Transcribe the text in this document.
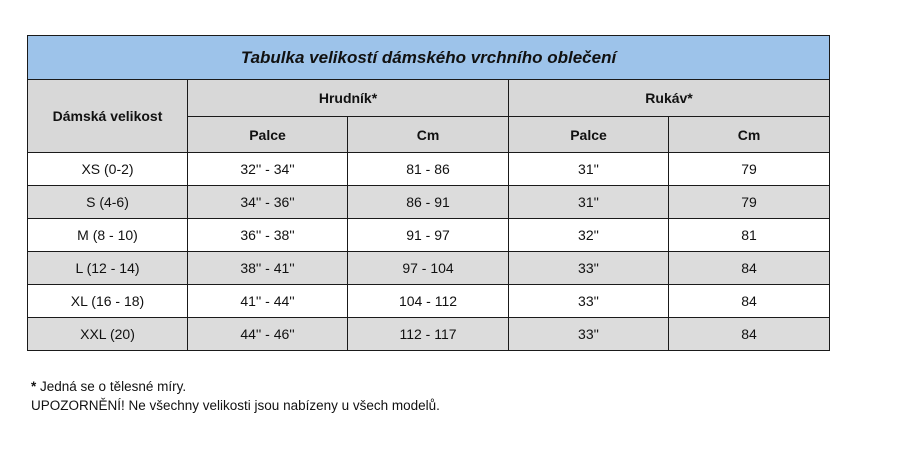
Tabulka velikostí dámského vrchního oblečení				
Dámská velikost	Hrudník*		Rukáv*	
	Palce	Cm	Palce	Cm
XS (0-2)	32'' - 34''	81 - 86	31''	79
S (4-6)	34'' - 36''	86 - 91	31''	79
M (8 - 10)	36'' - 38''	91 - 97	32''	81
L (12 - 14)	38'' - 41''	97 - 104	33''	84
XL (16 - 18)	41'' - 44''	104 - 112	33''	84
XXL (20)	44'' - 46''	112 - 117	33''	84
* Jedná se o tělesné míry.
UPOZORNĚNÍ! Ne všechny velikosti jsou nabízeny u všech modelů.
